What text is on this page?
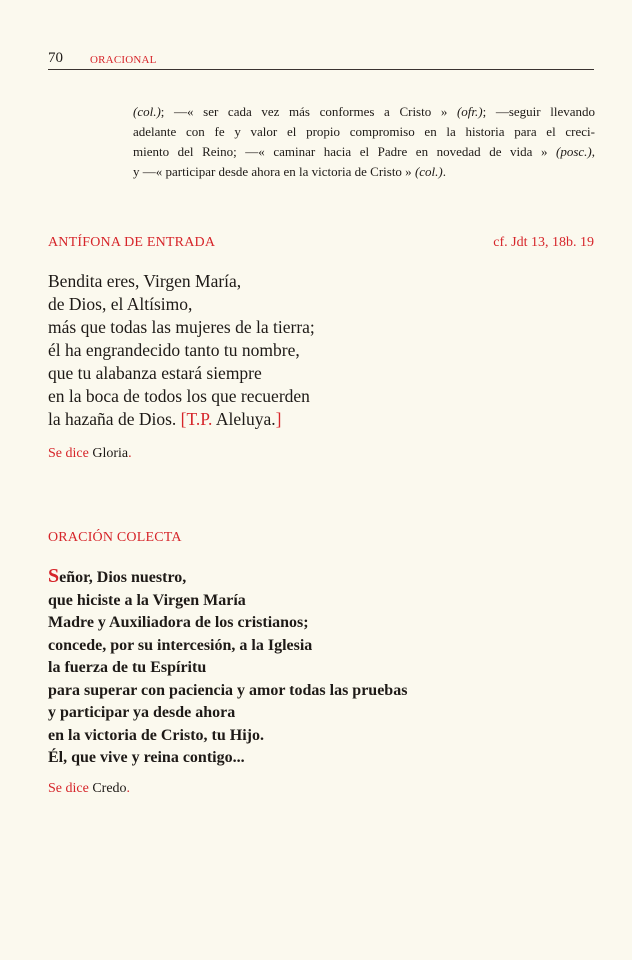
70 ORACIONAL
(col.); —« ser cada vez más conformes a Cristo » (ofr.); —seguir llevando
adelante con fe y valor el propio compromiso en la historia para el creci-
miento del Reino; —« caminar hacia el Padre en novedad de vida » (posc.),
y —« participar desde ahora en la victoria de Cristo » (col.).
ANTÍFONA DE ENTRADA	cf. Jdt 13, 18b. 19
Bendita eres, Virgen María,
de Dios, el Altísimo,
más que todas las mujeres de la tierra;
él ha engrandecido tanto tu nombre,
que tu alabanza estará siempre
en la boca de todos los que recuerden
la hazaña de Dios. [T.P. Aleluya.]
Se dice Gloria.
ORACIÓN COLECTA
Señor, Dios nuestro,
que hiciste a la Virgen María
Madre y Auxiliadora de los cristianos;
concede, por su intercesión, a la Iglesia
la fuerza de tu Espíritu
para superar con paciencia y amor todas las pruebas
y participar ya desde ahora
en la victoria de Cristo, tu Hijo.
Él, que vive y reina contigo...
Se dice Credo.
